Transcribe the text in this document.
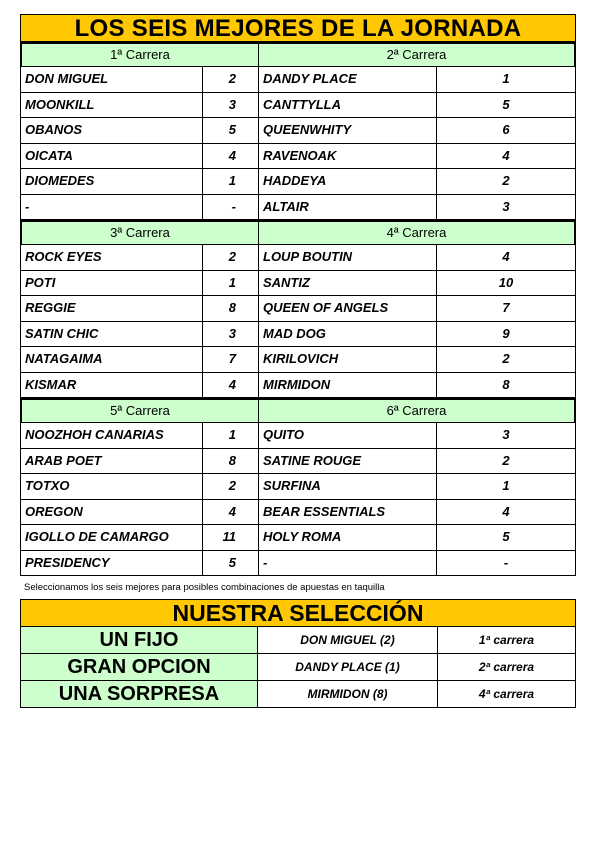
LOS SEIS MEJORES DE LA JORNADA
1ª Carrera	2ª Carrera
DON MIGUEL	2	DANDY PLACE	1
MOONKILL	3	CANTTYLLA	5
OBANOS	5	QUEENWHITY	6
OICATA	4	RAVENOAK	4
DIOMEDES	1	HADDEYA	2
-	-	ALTAIR	3
3ª Carrera	4ª Carrera
ROCK EYES	2	LOUP BOUTIN	4
POTI	1	SANTIZ	10
REGGIE	8	QUEEN OF ANGELS	7
SATIN CHIC	3	MAD DOG	9
NATAGAIMA	7	KIRILOVICH	2
KISMAR	4	MIRMIDON	8
5ª Carrera	6ª Carrera
NOOZHOH CANARIAS	1	QUITO	3
ARAB POET	8	SATINE ROUGE	2
TOTXO	2	SURFINA	1
OREGON	4	BEAR ESSENTIALS	4
IGOLLO DE CAMARGO	11	HOLY ROMA	5
PRESIDENCY	5	-	-
Seleccionamos los seis mejores para posibles combinaciones de apuestas en taquilla
NUESTRA SELECCIÓN
UN FIJO	DON MIGUEL (2)	1ª carrera
GRAN OPCION	DANDY PLACE (1)	2ª carrera
UNA SORPRESA	MIRMIDON (8)	4ª carrera
